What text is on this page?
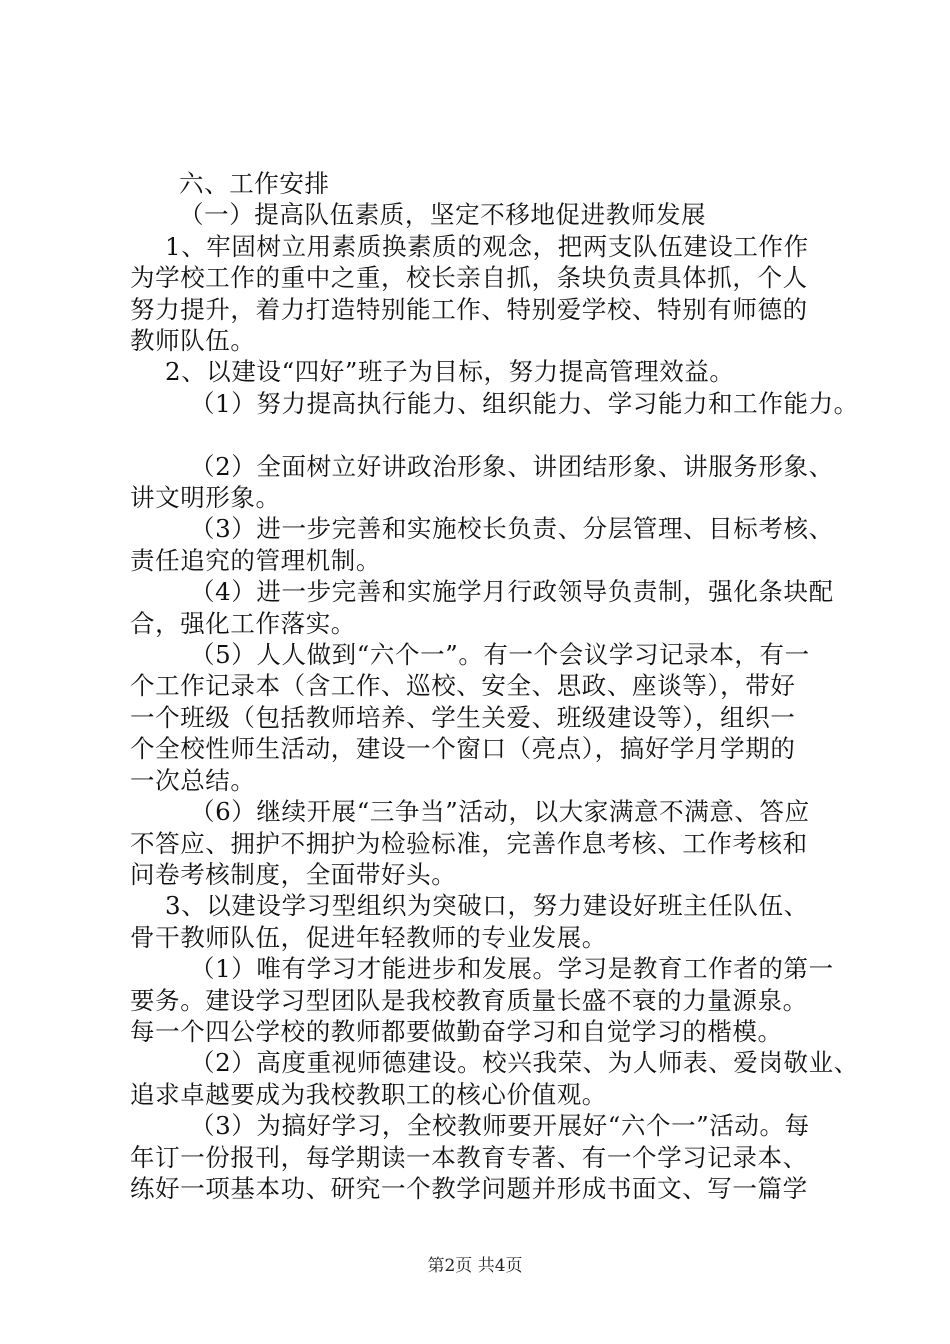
六、工作安排

（一）提高队伍素质，坚定不移地促进教师发展

1、牢固树立用素质换素质的观念，把两支队伍建设工作作

为学校工作的重中之重，校长亲自抓，条块负责具体抓，个人

努力提升，着力打造特别能工作、特别爱学校、特别有师德的

教师队伍。

2、以建设“四好”班子为目标，努力提高管理效益。

（1）努力提高执行能力、组织能力、学习能力和工作能力。

（2）全面树立好讲政治形象、讲团结形象、讲服务形象、

讲文明形象。

（3）进一步完善和实施校长负责、分层管理、目标考核、

责任追究的管理机制。

（4）进一步完善和实施学月行政领导负责制，强化条块配

合，强化工作落实。

（5）人人做到“六个一”。有一个会议学习记录本，有一

个工作记录本（含工作、巡校、安全、思政、座谈等），带好

一个班级（包括教师培养、学生关爱、班级建设等），组织一

个全校性师生活动，建设一个窗口（亮点），搞好学月学期的

一次总结。

（6）继续开展“三争当”活动，以大家满意不满意、答应

不答应、拥护不拥护为检验标准，完善作息考核、工作考核和

问卷考核制度，全面带好头。

3、以建设学习型组织为突破口，努力建设好班主任队伍、

骨干教师队伍，促进年轻教师的专业发展。

（1）唯有学习才能进步和发展。学习是教育工作者的第一

要务。建设学习型团队是我校教育质量长盛不衰的力量源泉。

每一个四公学校的教师都要做勤奋学习和自觉学习的楷模。

（2）高度重视师德建设。校兴我荣、为人师表、爱岗敬业、

追求卓越要成为我校教职工的核心价值观。

（3）为搞好学习，全校教师要开展好“六个一”活动。每

年订一份报刊，每学期读一本教育专著、有一个学习记录本、

练好一项基本功、研究一个教学问题并形成书面文、写一篇学

第2页 共4页
